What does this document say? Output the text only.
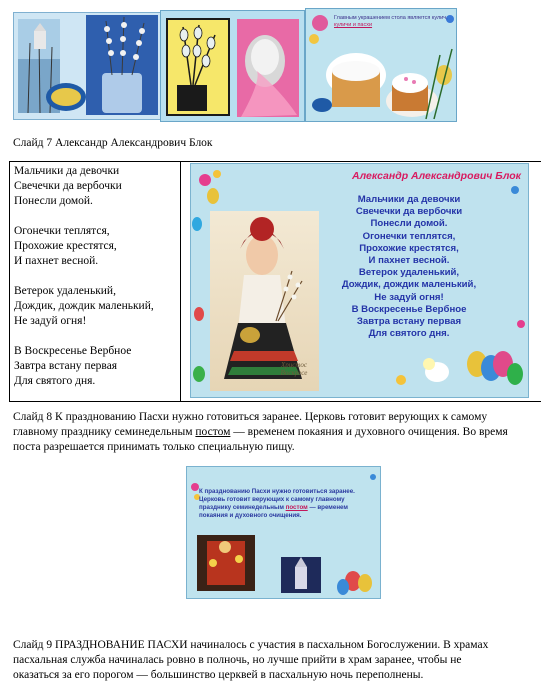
Главным украшением стола является кулич, куличи и пасхи
Слайд 7 Александр Александрович Блок
Мальчики да девочки
Свечечки да вербочки
Понесли домой.

Огонечки теплятся,
Прохожие крестятся,
И пахнет весной.

Ветерок удаленький,
Дождик, дождик маленький,
Не задуй огня!

В Воскресенье Вербное
Завтра встану первая
Для святого дня.
Александр Александрович Блок
Мальчики да девочки
Свечечки да вербочки
Понесли домой.
Огонечки теплятся,
Прохожие крестятся,
И пахнет весной.
Ветерок удаленький,
Дождик, дождик маленький,
Не задуй огня!
В Воскресенье Вербное
Завтра встану первая
Для святого дня.
Христос Воскресе
Слайд 8 К празднованию Пасхи нужно готовиться заранее. Церковь готовит верующих к самому
главному празднику семинедельным постом — временем покаяния и духовного очищения. Во время
поста разрешается принимать только специальную пищу.
К празднованию Пасхи нужно готовиться заранее. Церковь готовит верующих к самому главному празднику семинедельным постом — временем покаяния и духовного очищения.
Слайд 9 ПРАЗДНОВАНИЕ ПАСХИ начиналось с участия в пасхальном Богослужении. В храмах
пасхальная служба начиналась ровно в полночь, но лучше прийти в храм заранее, чтобы не
оказаться за его порогом — большинство церквей в пасхальную ночь переполнены.
